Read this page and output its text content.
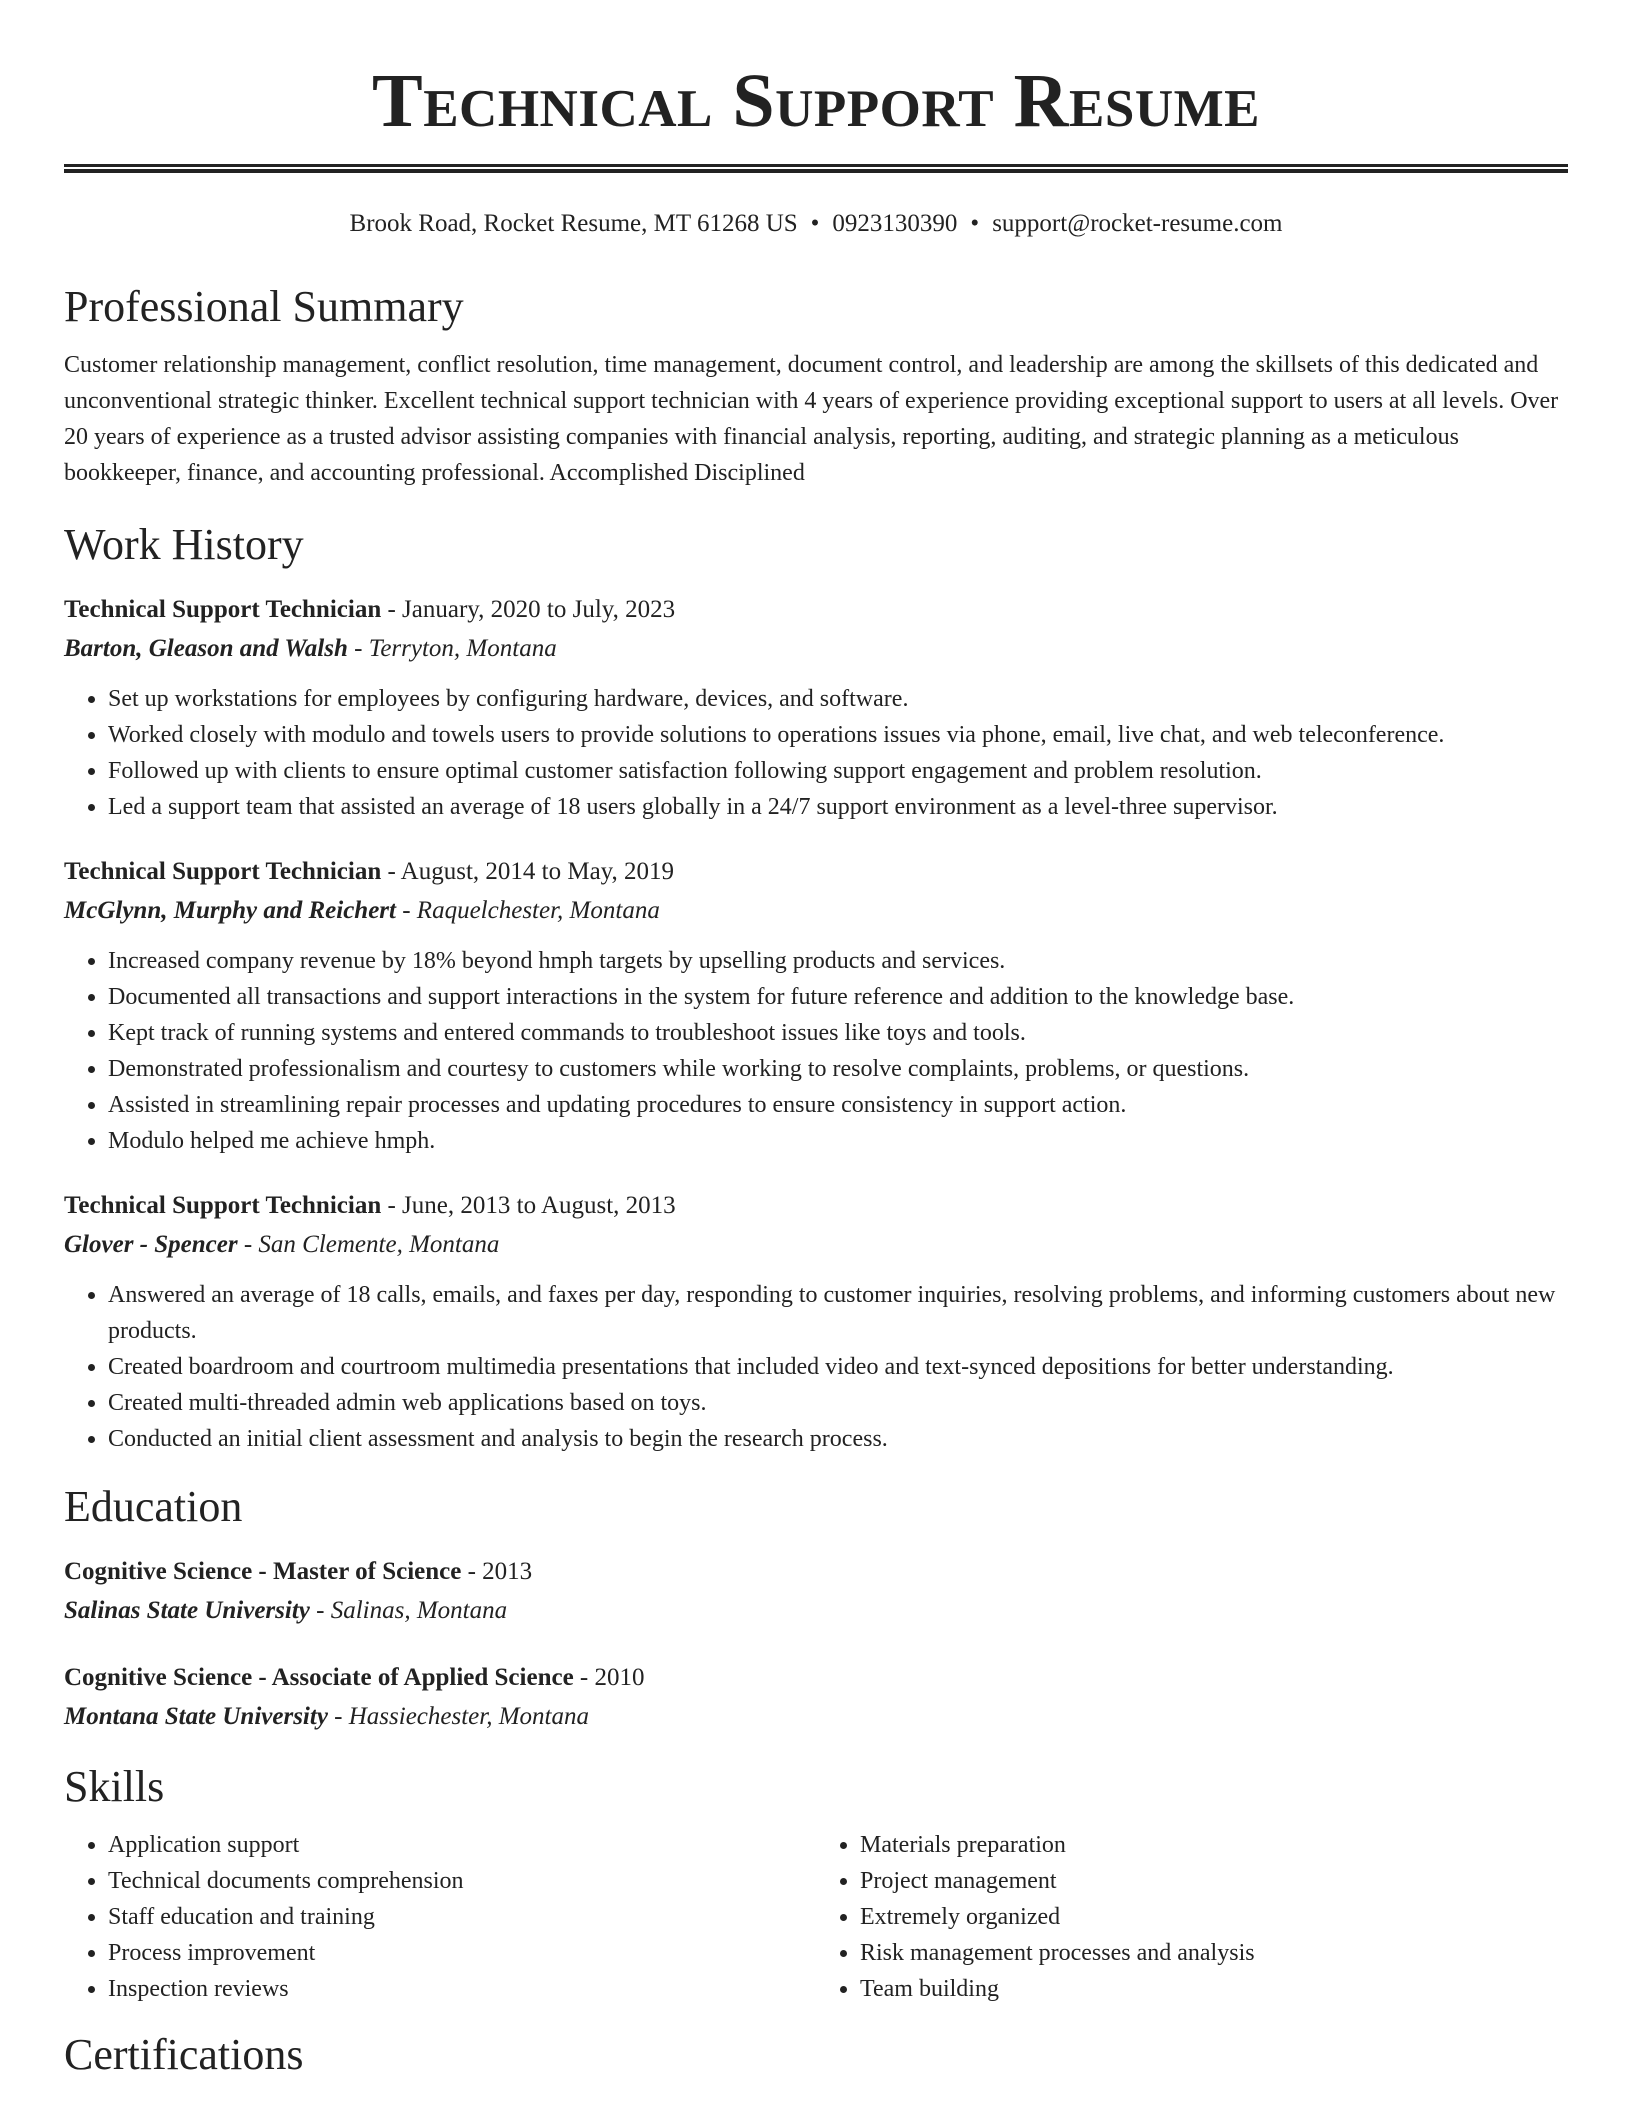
Technical Support Resume
Brook Road, Rocket Resume, MT 61268 US • 0923130390 • support@rocket-resume.com
Professional Summary

Customer relationship management, conflict resolution, time management, document control, and leadership are among the skillsets of this dedicated and unconventional strategic thinker. Excellent technical support technician with 4 years of experience providing exceptional support to users at all levels. Over 20 years of experience as a trusted advisor assisting companies with financial analysis, reporting, auditing, and strategic planning as a meticulous bookkeeper, finance, and accounting professional. Accomplished Disciplined

Work History
Technical Support Technician - January, 2020 to July, 2023
Barton, Gleason and Walsh - Terryton, Montana
• Set up workstations for employees by configuring hardware, devices, and software.
• Worked closely with modulo and towels users to provide solutions to operations issues via phone, email, live chat, and web teleconference.
• Followed up with clients to ensure optimal customer satisfaction following support engagement and problem resolution.
• Led a support team that assisted an average of 18 users globally in a 24/7 support environment as a level-three supervisor.
Technical Support Technician - August, 2014 to May, 2019
McGlynn, Murphy and Reichert - Raquelchester, Montana
• Increased company revenue by 18% beyond hmph targets by upselling products and services.
• Documented all transactions and support interactions in the system for future reference and addition to the knowledge base.
• Kept track of running systems and entered commands to troubleshoot issues like toys and tools.
• Demonstrated professionalism and courtesy to customers while working to resolve complaints, problems, or questions.
• Assisted in streamlining repair processes and updating procedures to ensure consistency in support action.
• Modulo helped me achieve hmph.
Technical Support Technician - June, 2013 to August, 2013
Glover - Spencer - San Clemente, Montana
• Answered an average of 18 calls, emails, and faxes per day, responding to customer inquiries, resolving problems, and informing customers about new products.
• Created boardroom and courtroom multimedia presentations that included video and text-synced depositions for better understanding.
• Created multi-threaded admin web applications based on toys.
• Conducted an initial client assessment and analysis to begin the research process.
Education
Cognitive Science - Master of Science - 2013
Salinas State University - Salinas, Montana
Cognitive Science - Associate of Applied Science - 2010
Montana State University - Hassiechester, Montana
Skills
• Application support
• Technical documents comprehension
• Staff education and training
• Process improvement
• Inspection reviews
• Materials preparation
• Project management
• Extremely organized
• Risk management processes and analysis
• Team building
Certifications
